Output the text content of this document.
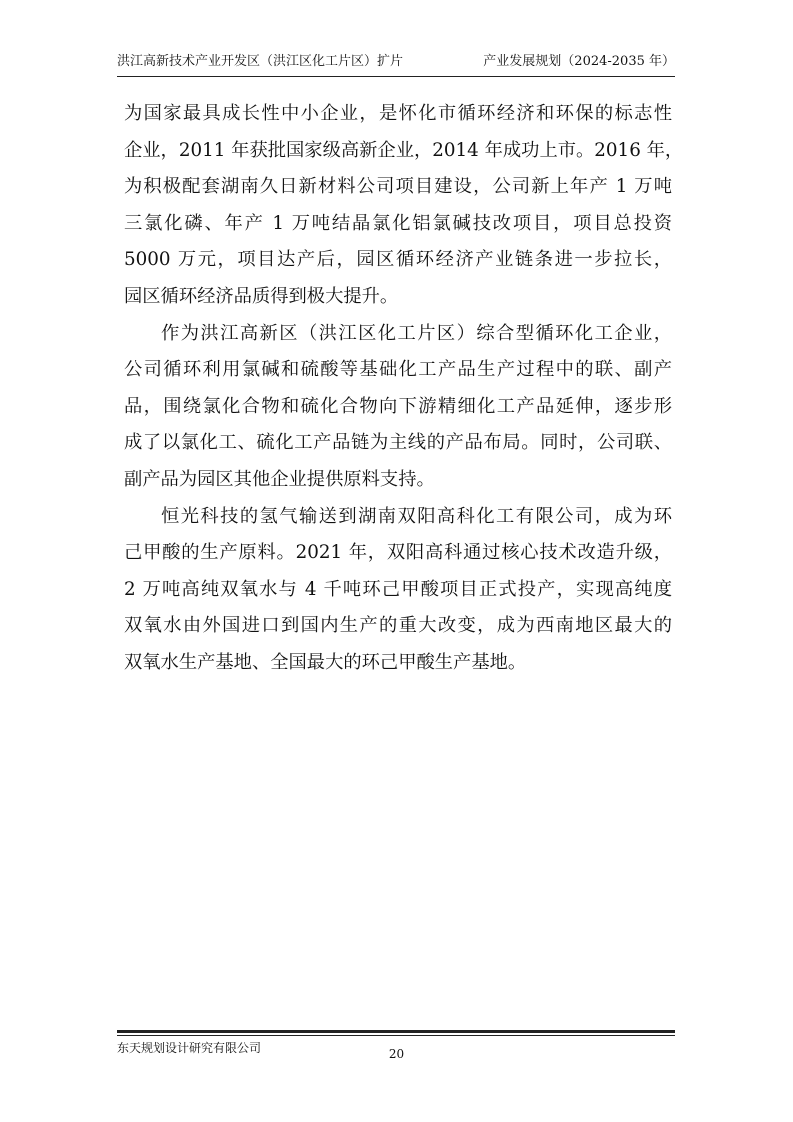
洪江高新技术产业开发区（洪江区化工片区）扩片	产业发展规划（2024-2035 年）
为国家最具成长性中小企业，是怀化市循环经济和环保的标志性
企业，2011 年获批国家级高新企业，2014 年成功上市。2016 年，
为积极配套湖南久日新材料公司项目建设，公司新上年产 1 万吨
三氯化磷、年产 1 万吨结晶氯化铝氯碱技改项目，项目总投资
5000 万元，项目达产后，园区循环经济产业链条进一步拉长，
园区循环经济品质得到极大提升。
作为洪江高新区（洪江区化工片区）综合型循环化工企业，
公司循环利用氯碱和硫酸等基础化工产品生产过程中的联、副产
品，围绕氯化合物和硫化合物向下游精细化工产品延伸，逐步形
成了以氯化工、硫化工产品链为主线的产品布局。同时，公司联、
副产品为园区其他企业提供原料支持。
恒光科技的氢气输送到湖南双阳高科化工有限公司，成为环
己甲酸的生产原料。2021 年，双阳高科通过核心技术改造升级，
2 万吨高纯双氧水与 4 千吨环己甲酸项目正式投产，实现高纯度
双氧水由外国进口到国内生产的重大改变，成为西南地区最大的
双氧水生产基地、全国最大的环己甲酸生产基地。
东天规划设计研究有限公司	20
